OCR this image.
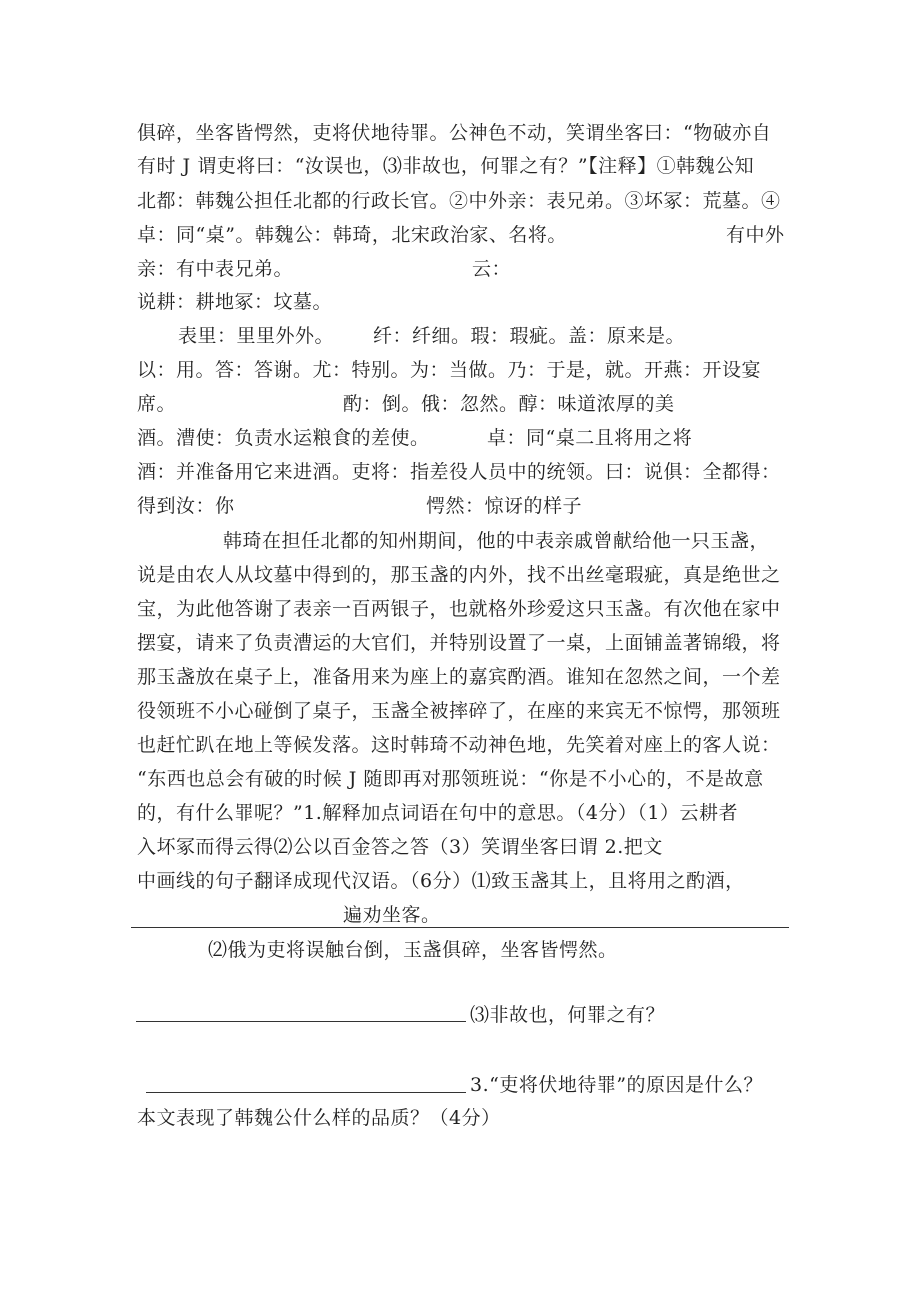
俱碎，坐客皆愕然，吏将伏地待罪。公神色不动，笑谓坐客曰：“物破亦自
有时 J 谓吏将曰：“汝误也，⑶非故也，何罪之有？”【注释】①韩魏公知
北都：韩魏公担任北都的行政长官。②中外亲：表兄弟。③坏冢：荒墓。④
卓：同“桌”。韩魏公：韩琦，北宋政治家、名将。	有中外
亲：有中表兄弟。	云：
说耕：耕地冢：坟墓。
表里：里里外外。 纤：纤细。瑕：瑕疵。盖：原来是。
以：用。答：答谢。尤：特别。为：当做。乃：于是，就。开燕：开设宴
席。	酌：倒。俄：忽然。醇：味道浓厚的美
酒。漕使：负责水运粮食的差使。	卓：同“桌二且将用之将
酒：并准备用它来进酒。吏将：指差役人员中的统领。曰：说俱：全都得：
得到汝：你	愕然：惊讶的样子
韩琦在担任北都的知州期间，他的中表亲戚曾献给他一只玉盏，
说是由农人从坟墓中得到的，那玉盏的内外，找不出丝毫瑕疵，真是绝世之
宝，为此他答谢了表亲一百两银子，也就格外珍爱这只玉盏。有次他在家中
摆宴，请来了负责漕运的大官们，并特别设置了一桌，上面铺盖著锦缎，将
那玉盏放在桌子上，准备用来为座上的嘉宾酌酒。谁知在忽然之间，一个差
役领班不小心碰倒了桌子，玉盏全被摔碎了，在座的来宾无不惊愕，那领班
也赶忙趴在地上等候发落。这时韩琦不动神色地，先笑着对座上的客人说：
“东西也总会有破的时候 J 随即再对那领班说：“你是不小心的，不是故意
的，有什么罪呢？”1.解释加点词语在句中的意思。（4分）（1）云耕者
入坏冢而得云得⑵公以百金答之答（3）笑谓坐客曰谓 2.把文
中画线的句子翻译成现代汉语。（6分）⑴致玉盏其上，且将用之酌酒，
遍劝坐客。
⑵俄为吏将误触台倒，玉盏俱碎，坐客皆愕然。
⑶非故也，何罪之有？
3.“吏将伏地待罪”的原因是什么？
本文表现了韩魏公什么样的品质？（4分）
